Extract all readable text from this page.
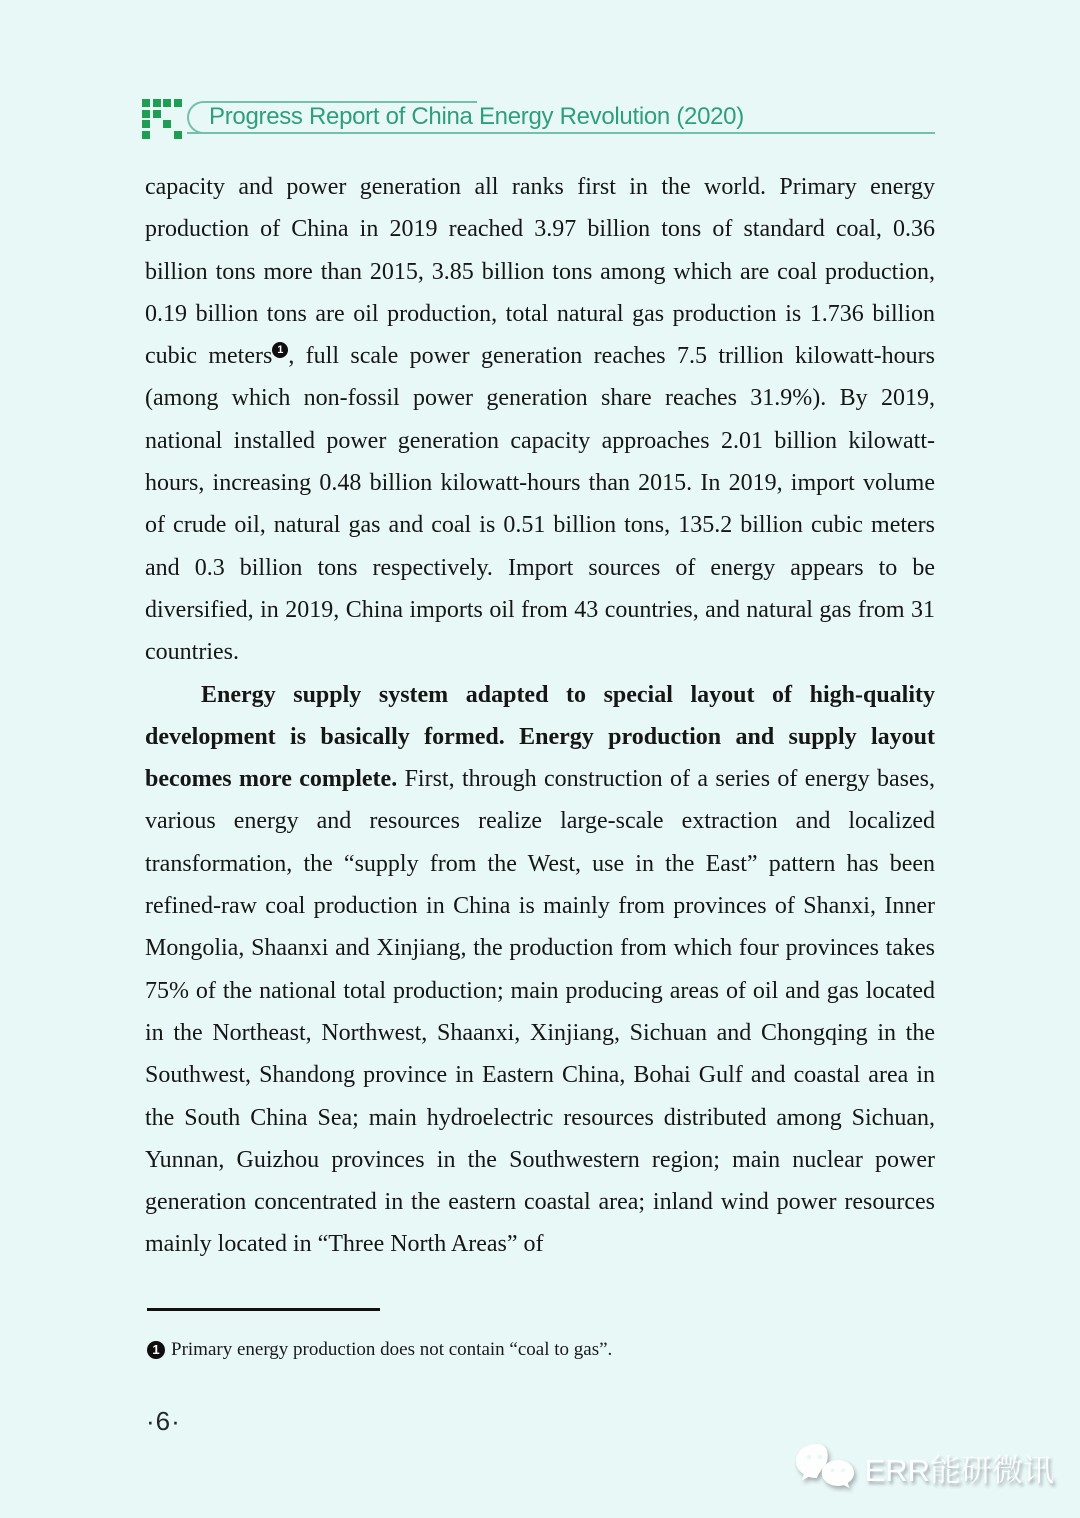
Progress Report of China Energy Revolution (2020)

capacity and power generation all ranks first in the world. Primary energy production of China in 2019 reached 3.97 billion tons of standard coal, 0.36 billion tons more than 2015, 3.85 billion tons among which are coal production, 0.19 billion tons are oil production, total natural gas production is 1.736 billion cubic meters $^1$ , full scale power generation reaches 7.5 trillion kilowatt-hours (among which non-fossil power generation share reaches 31.9%). By 2019, national installed power generation capacity approaches 2.01 billion kilowatt-hours, increasing 0.48 billion kilowatt-hours than 2015. In 2019, import volume of crude oil, natural gas and coal is 0.51 billion tons, 135.2 billion cubic meters and 0.3 billion tons respectively. Import sources of energy appears to be diversified, in 2019, China imports oil from 43 countries, and natural gas from 31 countries.

Energy supply system adapted to special layout of high-quality development is basically formed. Energy production and supply layout becomes more complete. First, through construction of a series of energy bases, various energy and resources realize large-scale extraction and localized transformation, the “supply from the West, use in the East” pattern has been refined-raw coal production in China is mainly from provinces of Shanxi, Inner Mongolia, Shaanxi and Xinjiang, the production from which four provinces takes 75% of the national total production; main producing areas of oil and gas located in the Northeast, Northwest, Shaanxi, Xinjiang, Sichuan and Chongqing in the Southwest, Shandong province in Eastern China, Bohai Gulf and coastal area in the South China Sea; main hydroelectric resources distributed among Sichuan, Yunnan, Guizhou provinces in the Southwestern region; main nuclear power generation concentrated in the eastern coastal area; inland wind power resources mainly located in “Three North Areas” of

1 Primary energy production does not contain “coal to gas”.

·6·
ERR能研微讯
